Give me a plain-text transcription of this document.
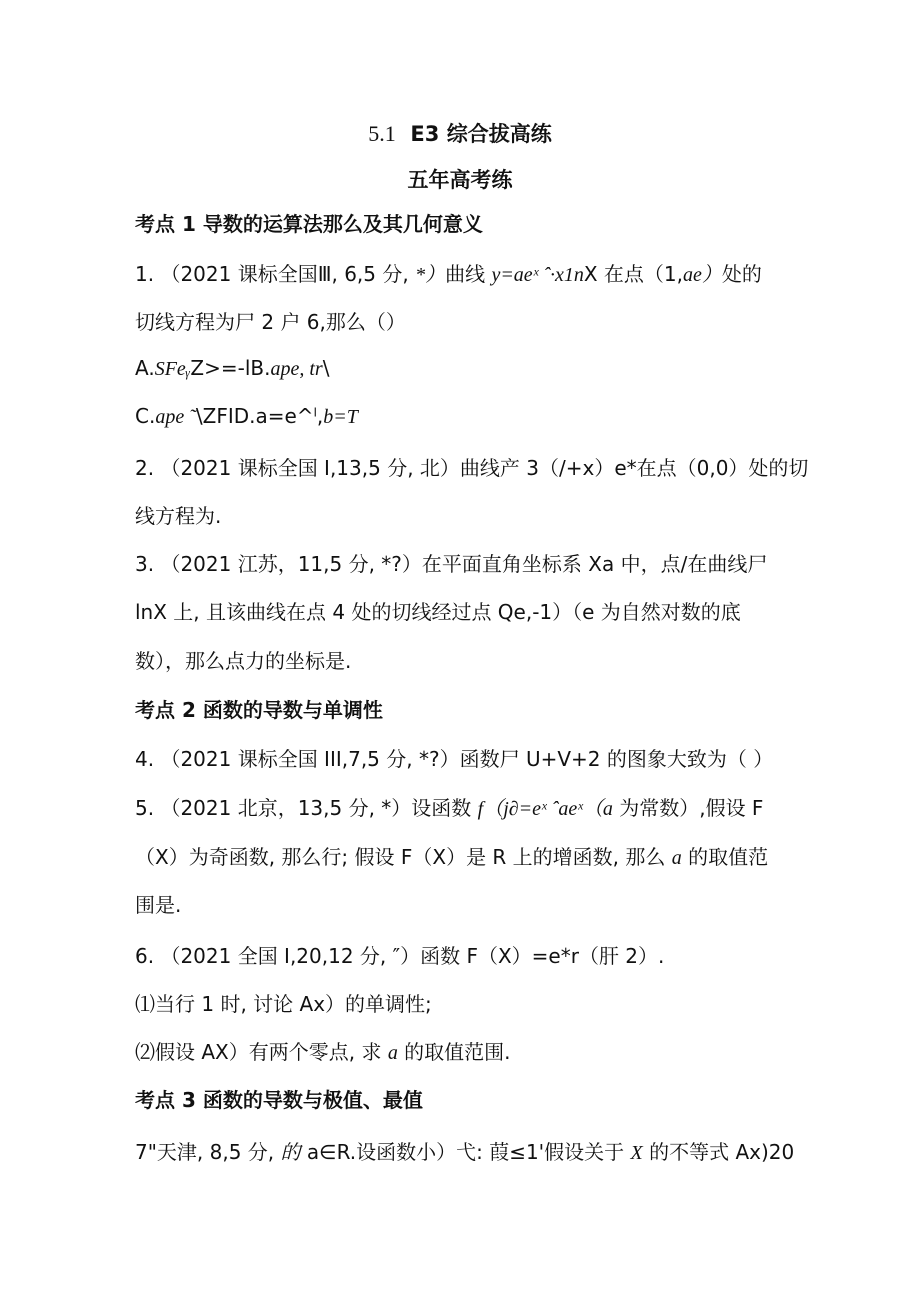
5.1 E3 综合拔高练
五年高考练
考点 1 导数的运算法那么及其几何意义
1. （2021 课标全国Ⅲ, 6,5 分, *）曲线 y=aeˣ ˆ·x1nX 在点（1,ae）处的
切线方程为尸 2 户 6,那么（）
A.SFeᵧZ>=-lB.ape, tr\
C.ape ˜\ZFID.a=e^ˡ,b=T
2. （2021 课标全国 I,13,5 分, 北）曲线产 3（/+x）e*在点（0,0）处的切
线方程为.
3. （2021 江苏，11,5 分, *?）在平面直角坐标系 Xa 中，点/在曲线尸
lnX 上, 且该曲线在点 4 处的切线经过点 Qe,-1）（e 为自然对数的底
数），那么点力的坐标是.
考点 2 函数的导数与单调性
4. （2021 课标全国 III,7,5 分, *?）函数尸 U+V+2 的图象大致为（ ）
5. （2021 北京，13,5 分, *）设函数 f（j∂=eˣ ˆaeˣ（a 为常数）,假设 F
（X）为奇函数, 那么行; 假设 F（X）是 R 上的增函数, 那么 a 的取值范
围是.
6. （2021 全国 I,20,12 分, ″）函数 F（X）=e*r（肝 2）.
⑴当行 1 时, 讨论 Ax）的单调性;
⑵假设 AX）有两个零点, 求 a 的取值范围.
考点 3 函数的导数与极值、最值
7"天津, 8,5 分, 的 a∈R.设函数小）弋: 葭≤1'假设关于 X 的不等式 Ax)20
